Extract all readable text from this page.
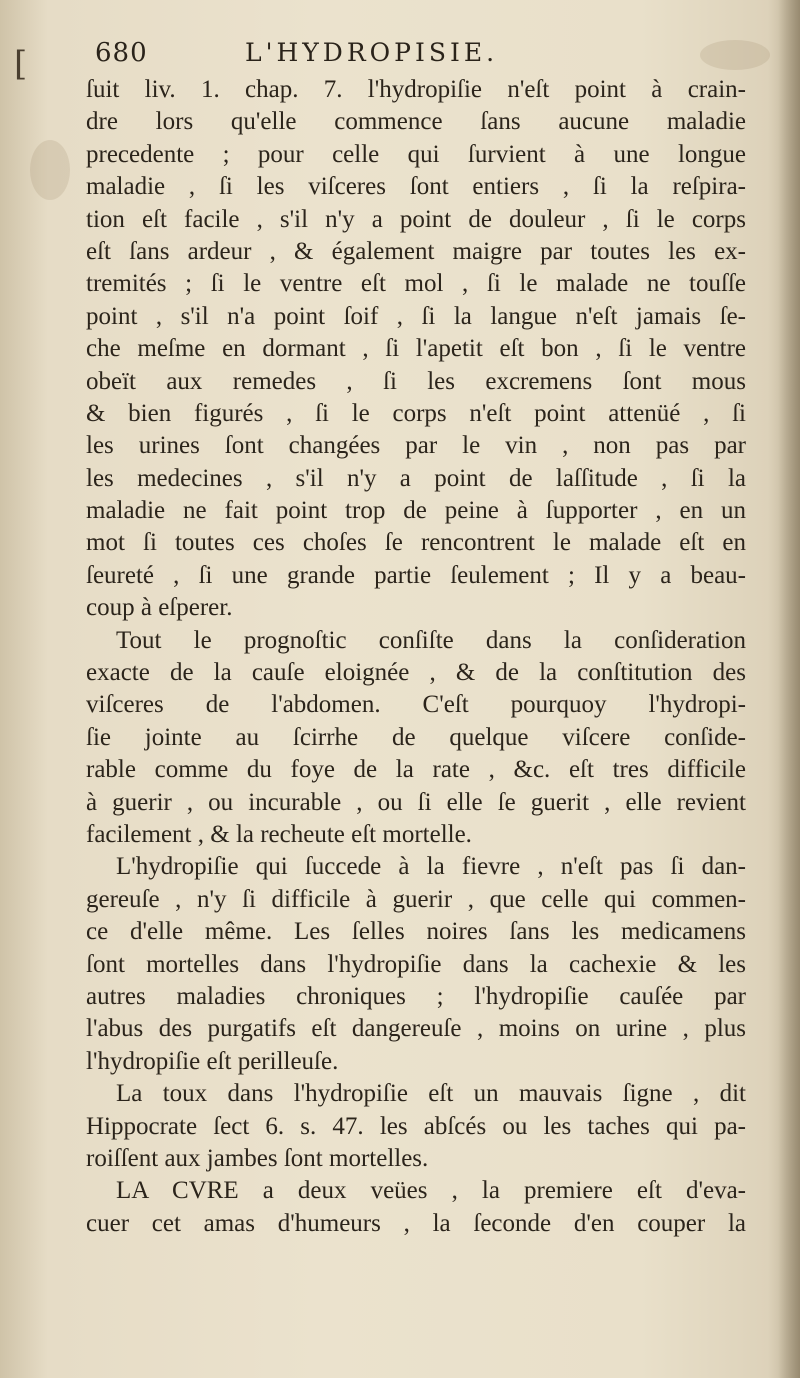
[	680	L'HYDROPISIE.
ſuit liv. 1. chap. 7. l'hydropiſie n'eſt point à crain-
dre lors qu'elle commence ſans aucune maladie
precedente ; pour celle qui ſurvient à une longue
maladie , ſi les viſceres ſont entiers , ſi la reſpira-
tion eſt facile , s'il n'y a point de douleur , ſi le corps
eſt ſans ardeur , & également maigre par toutes les ex-
tremités ; ſi le ventre eſt mol , ſi le malade ne touſſe
point , s'il n'a point ſoif , ſi la langue n'eſt jamais ſe-
che meſme en dormant , ſi l'apetit eſt bon , ſi le ventre
obeït aux remedes , ſi les excremens ſont mous
& bien figurés , ſi le corps n'eſt point attenüé , ſi
les urines ſont changées par le vin , non pas par
les medecines , s'il n'y a point de laſſitude , ſi la
maladie ne fait point trop de peine à ſupporter , en un
mot ſi toutes ces choſes ſe rencontrent le malade eſt en
ſeureté , ſi une grande partie ſeulement ; Il y a beau-
coup à eſperer.
Tout le prognoſtic conſiſte dans la conſideration
exacte de la cauſe eloignée , & de la conſtitution des
viſceres de l'abdomen. C'eſt pourquoy l'hydropi-
ſie jointe au ſcirrhe de quelque viſcere conſide-
rable comme du foye de la rate , &c. eſt tres difficile
à guerir , ou incurable , ou ſi elle ſe guerit , elle revient
facilement , & la recheute eſt mortelle.
L'hydropiſie qui ſuccede à la fievre , n'eſt pas ſi dan-
gereuſe , n'y ſi difficile à guerir , que celle qui commen-
ce d'elle même. Les ſelles noires ſans les medicamens
ſont mortelles dans l'hydropiſie dans la cachexie & les
autres maladies chroniques ; l'hydropiſie cauſée par
l'abus des purgatifs eſt dangereuſe , moins on urine , plus
l'hydropiſie eſt perilleuſe.
La toux dans l'hydropiſie eſt un mauvais ſigne , dit
Hippocrate ſect 6. s. 47. les abſcés ou les taches qui pa-
roiſſent aux jambes ſont mortelles.
LA CVRE a deux veües , la premiere eſt d'eva-
cuer cet amas d'humeurs , la ſeconde d'en couper la
